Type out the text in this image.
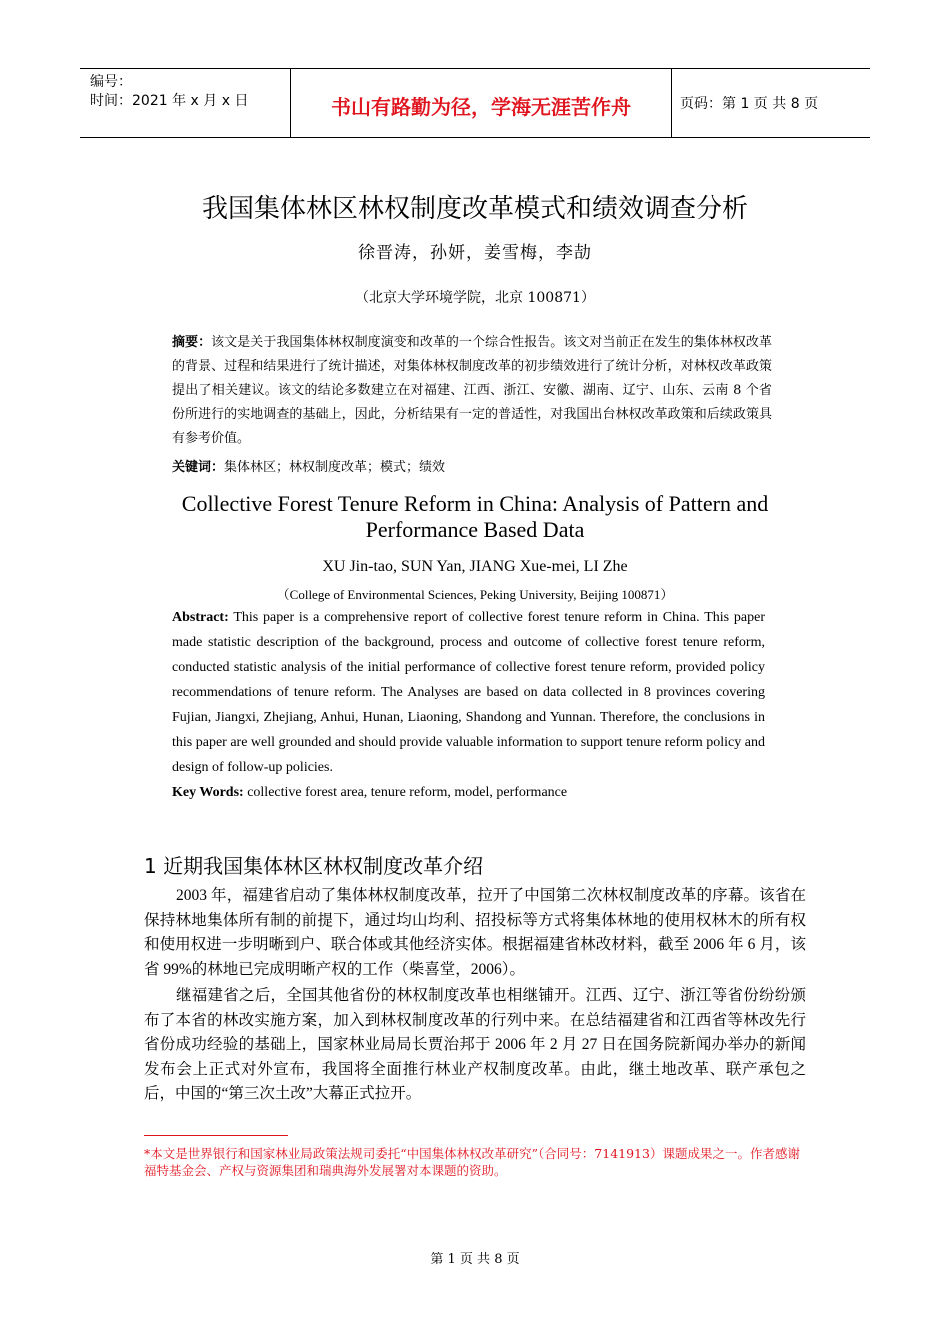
编号：
时间：2021 年 x 月 x 日	书山有路勤为径，学海无涯苦作舟	页码：第 1 页 共 8 页
我国集体林区林权制度改革模式和绩效调查分析
徐晋涛，孙妍，姜雪梅，李劼
（北京大学环境学院，北京 100871）
摘要：该文是关于我国集体林权制度演变和改革的一个综合性报告。该文对当前正在发生的集体林权改革的背景、过程和结果进行了统计描述，对集体林权制度改革的初步绩效进行了统计分析，对林权改革政策提出了相关建议。该文的结论多数建立在对福建、江西、浙江、安徽、湖南、辽宁、山东、云南 8 个省份所进行的实地调查的基础上，因此，分析结果有一定的普适性，对我国出台林权改革政策和后续政策具有参考价值。
关键词：集体林区；林权制度改革；模式；绩效
Collective Forest Tenure Reform in China: Analysis of Pattern and Performance Based Data
XU Jin-tao, SUN Yan, JIANG Xue-mei, LI Zhe
（College of Environmental Sciences, Peking University, Beijing 100871）
Abstract: This paper is a comprehensive report of collective forest tenure reform in China. This paper made statistic description of the background, process and outcome of collective forest tenure reform, conducted statistic analysis of the initial performance of collective forest tenure reform, provided policy recommendations of tenure reform. The Analyses are based on data collected in 8 provinces covering Fujian, Jiangxi, Zhejiang, Anhui, Hunan, Liaoning, Shandong and Yunnan. Therefore, the conclusions in this paper are well grounded and should provide valuable information to support tenure reform policy and design of follow-up policies.
Key Words: collective forest area, tenure reform, model, performance
1 近期我国集体林区林权制度改革介绍
2003 年，福建省启动了集体林权制度改革，拉开了中国第二次林权制度改革的序幕。该省在保持林地集体所有制的前提下，通过均山均利、招投标等方式将集体林地的使用权林木的所有权和使用权进一步明晰到户、联合体或其他经济实体。根据福建省林改材料，截至 2006 年 6 月，该省 99%的林地已完成明晰产权的工作（柴喜堂，2006）。
继福建省之后，全国其他省份的林权制度改革也相继铺开。江西、辽宁、浙江等省份纷纷颁布了本省的林改实施方案，加入到林权制度改革的行列中来。在总结福建省和江西省等林改先行省份成功经验的基础上，国家林业局局长贾治邦于 2006 年 2 月 27 日在国务院新闻办举办的新闻发布会上正式对外宣布，我国将全面推行林业产权制度改革。由此，继土地改革、联产承包之后，中国的“第三次土改”大幕正式拉开。
*本文是世界银行和国家林业局政策法规司委托“中国集体林权改革研究”（合同号：7141913）课题成果之一。作者感谢福特基金会、产权与资源集团和瑞典海外发展署对本课题的资助。
第 1 页 共 8 页
